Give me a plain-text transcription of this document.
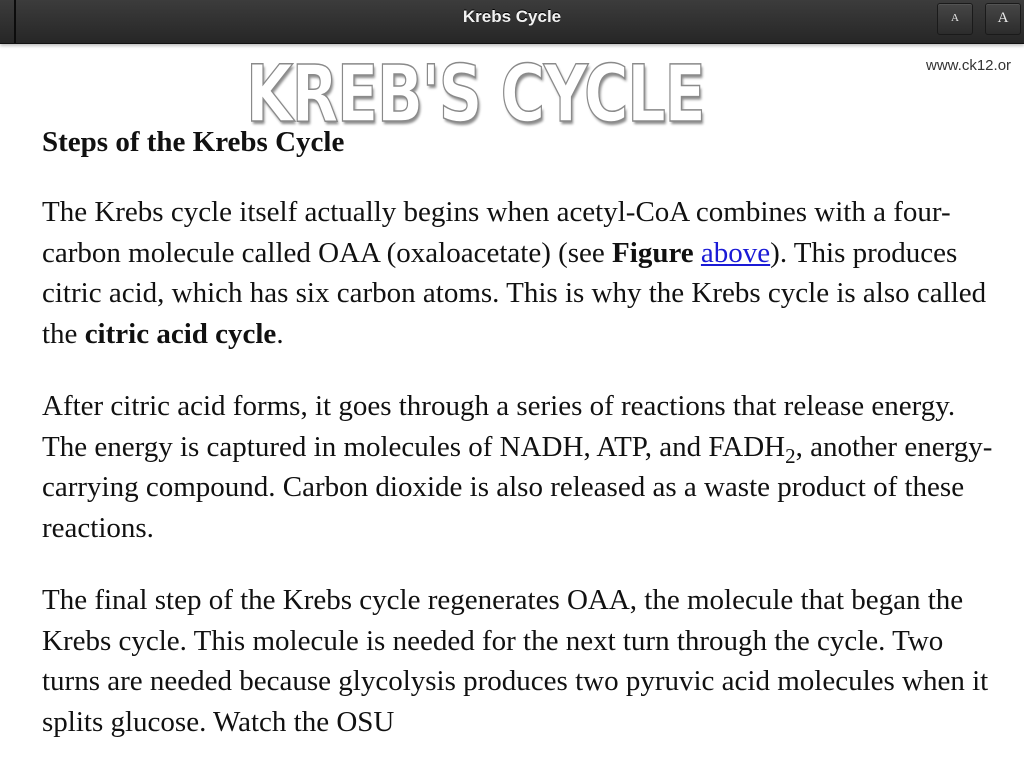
Krebs Cycle	A	A
www.ck12.or
KREB'S CYCLE
Steps of the Krebs Cycle

The Krebs cycle itself actually begins when acetyl-CoA combines with a four-carbon molecule called OAA (oxaloacetate) (see Figure above). This produces citric acid, which has six carbon atoms. This is why the Krebs cycle is also called the citric acid cycle.

After citric acid forms, it goes through a series of reactions that release energy. The energy is captured in molecules of NADH, ATP, and $FADH_2$, another energy-carrying compound. Carbon dioxide is also released as a waste product of these reactions.

The final step of the Krebs cycle regenerates OAA, the molecule that began the Krebs cycle. This molecule is needed for the next turn through the cycle. Two turns are needed because glycolysis produces two pyruvic acid molecules when it splits glucose. Watch the OSU
